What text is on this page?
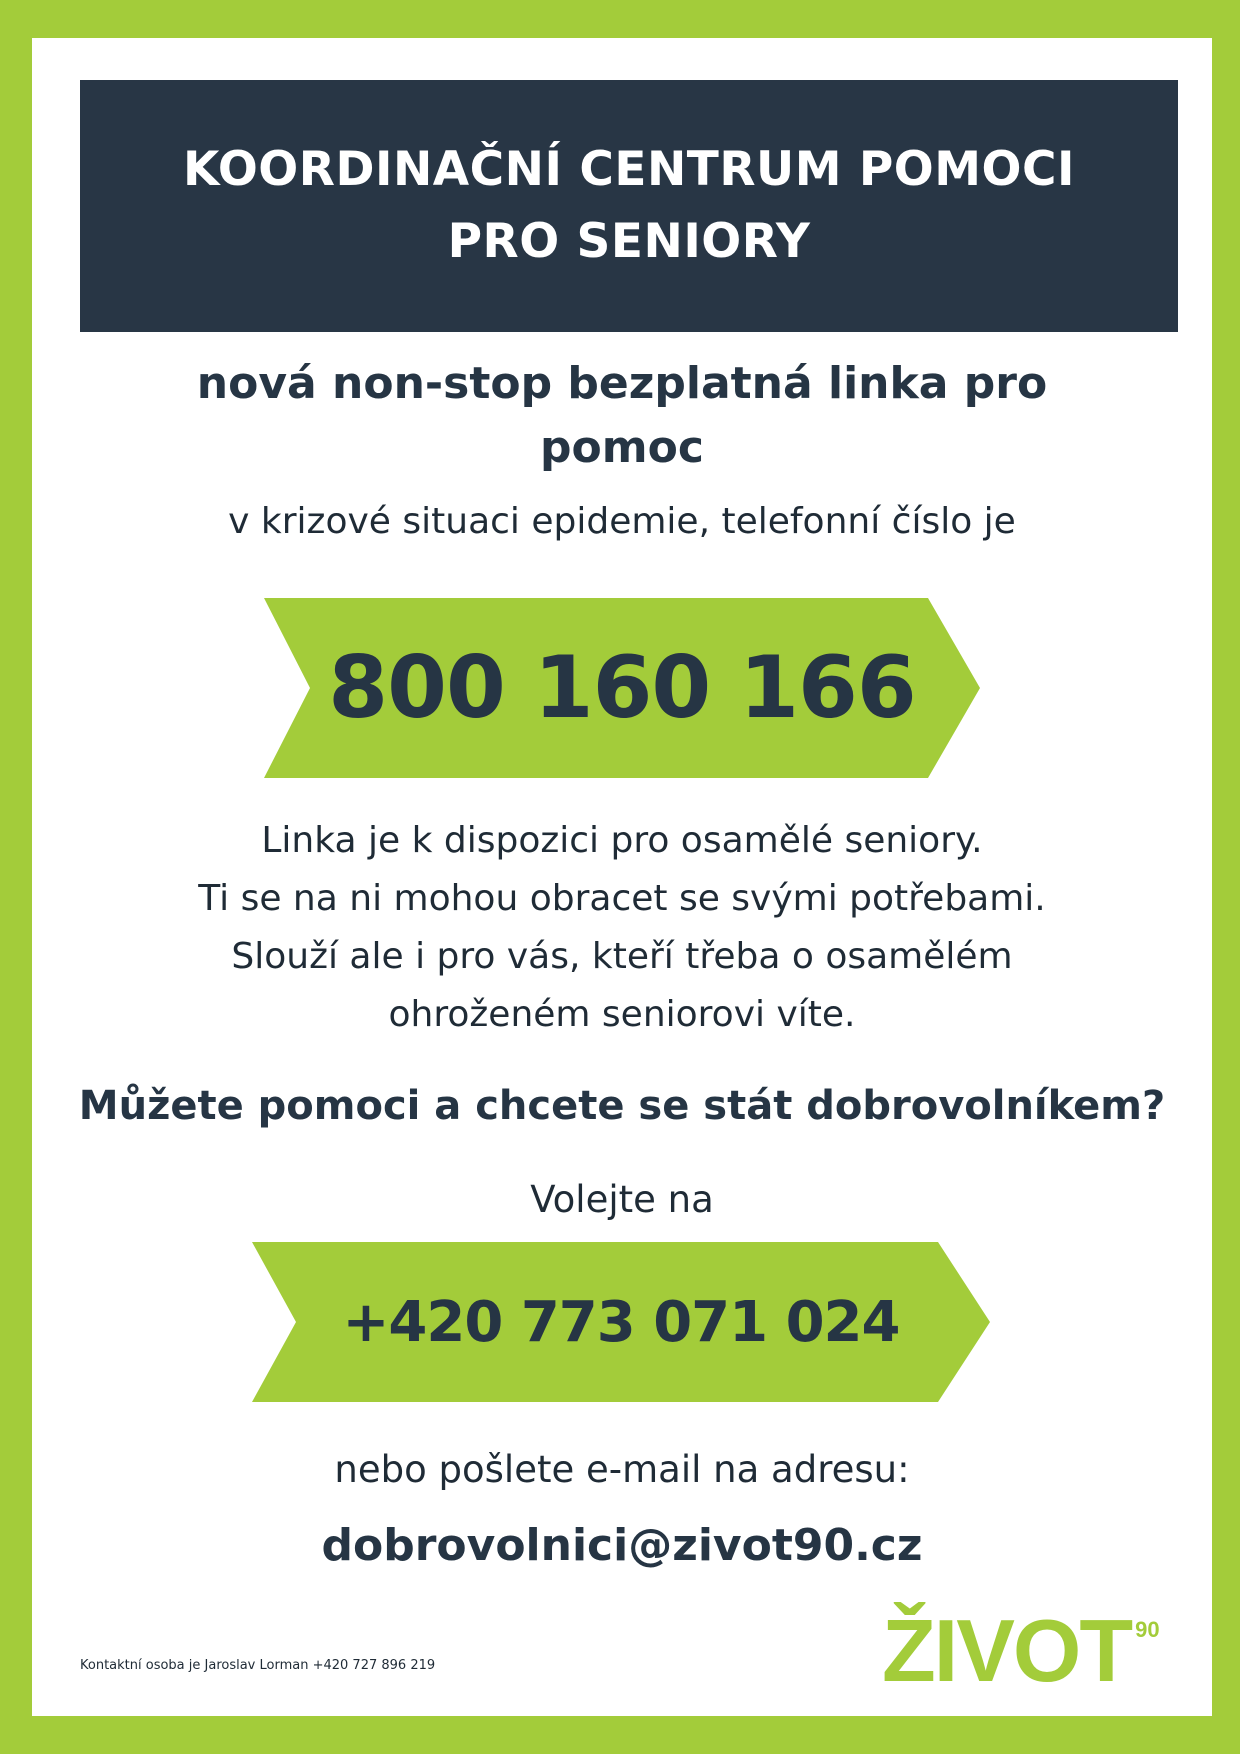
KOORDINAČNÍ CENTRUM POMOCI
PRO SENIORY
nová non-stop bezplatná linka pro
pomoc
v krizové situaci epidemie, telefonní číslo je
800 160 166
Linka je k dispozici pro osamělé seniory.
Ti se na ni mohou obracet se svými potřebami.
Slouží ale i pro vás, kteří třeba o osamělém
ohroženém seniorovi víte.
Můžete pomoci a chcete se stát dobrovolníkem?
Volejte na
+420 773 071 024
nebo pošlete e-mail na adresu:
dobrovolnici@zivot90.cz
Kontaktní osoba je Jaroslav Lorman +420 727 896 219	ŽIVOT 90
